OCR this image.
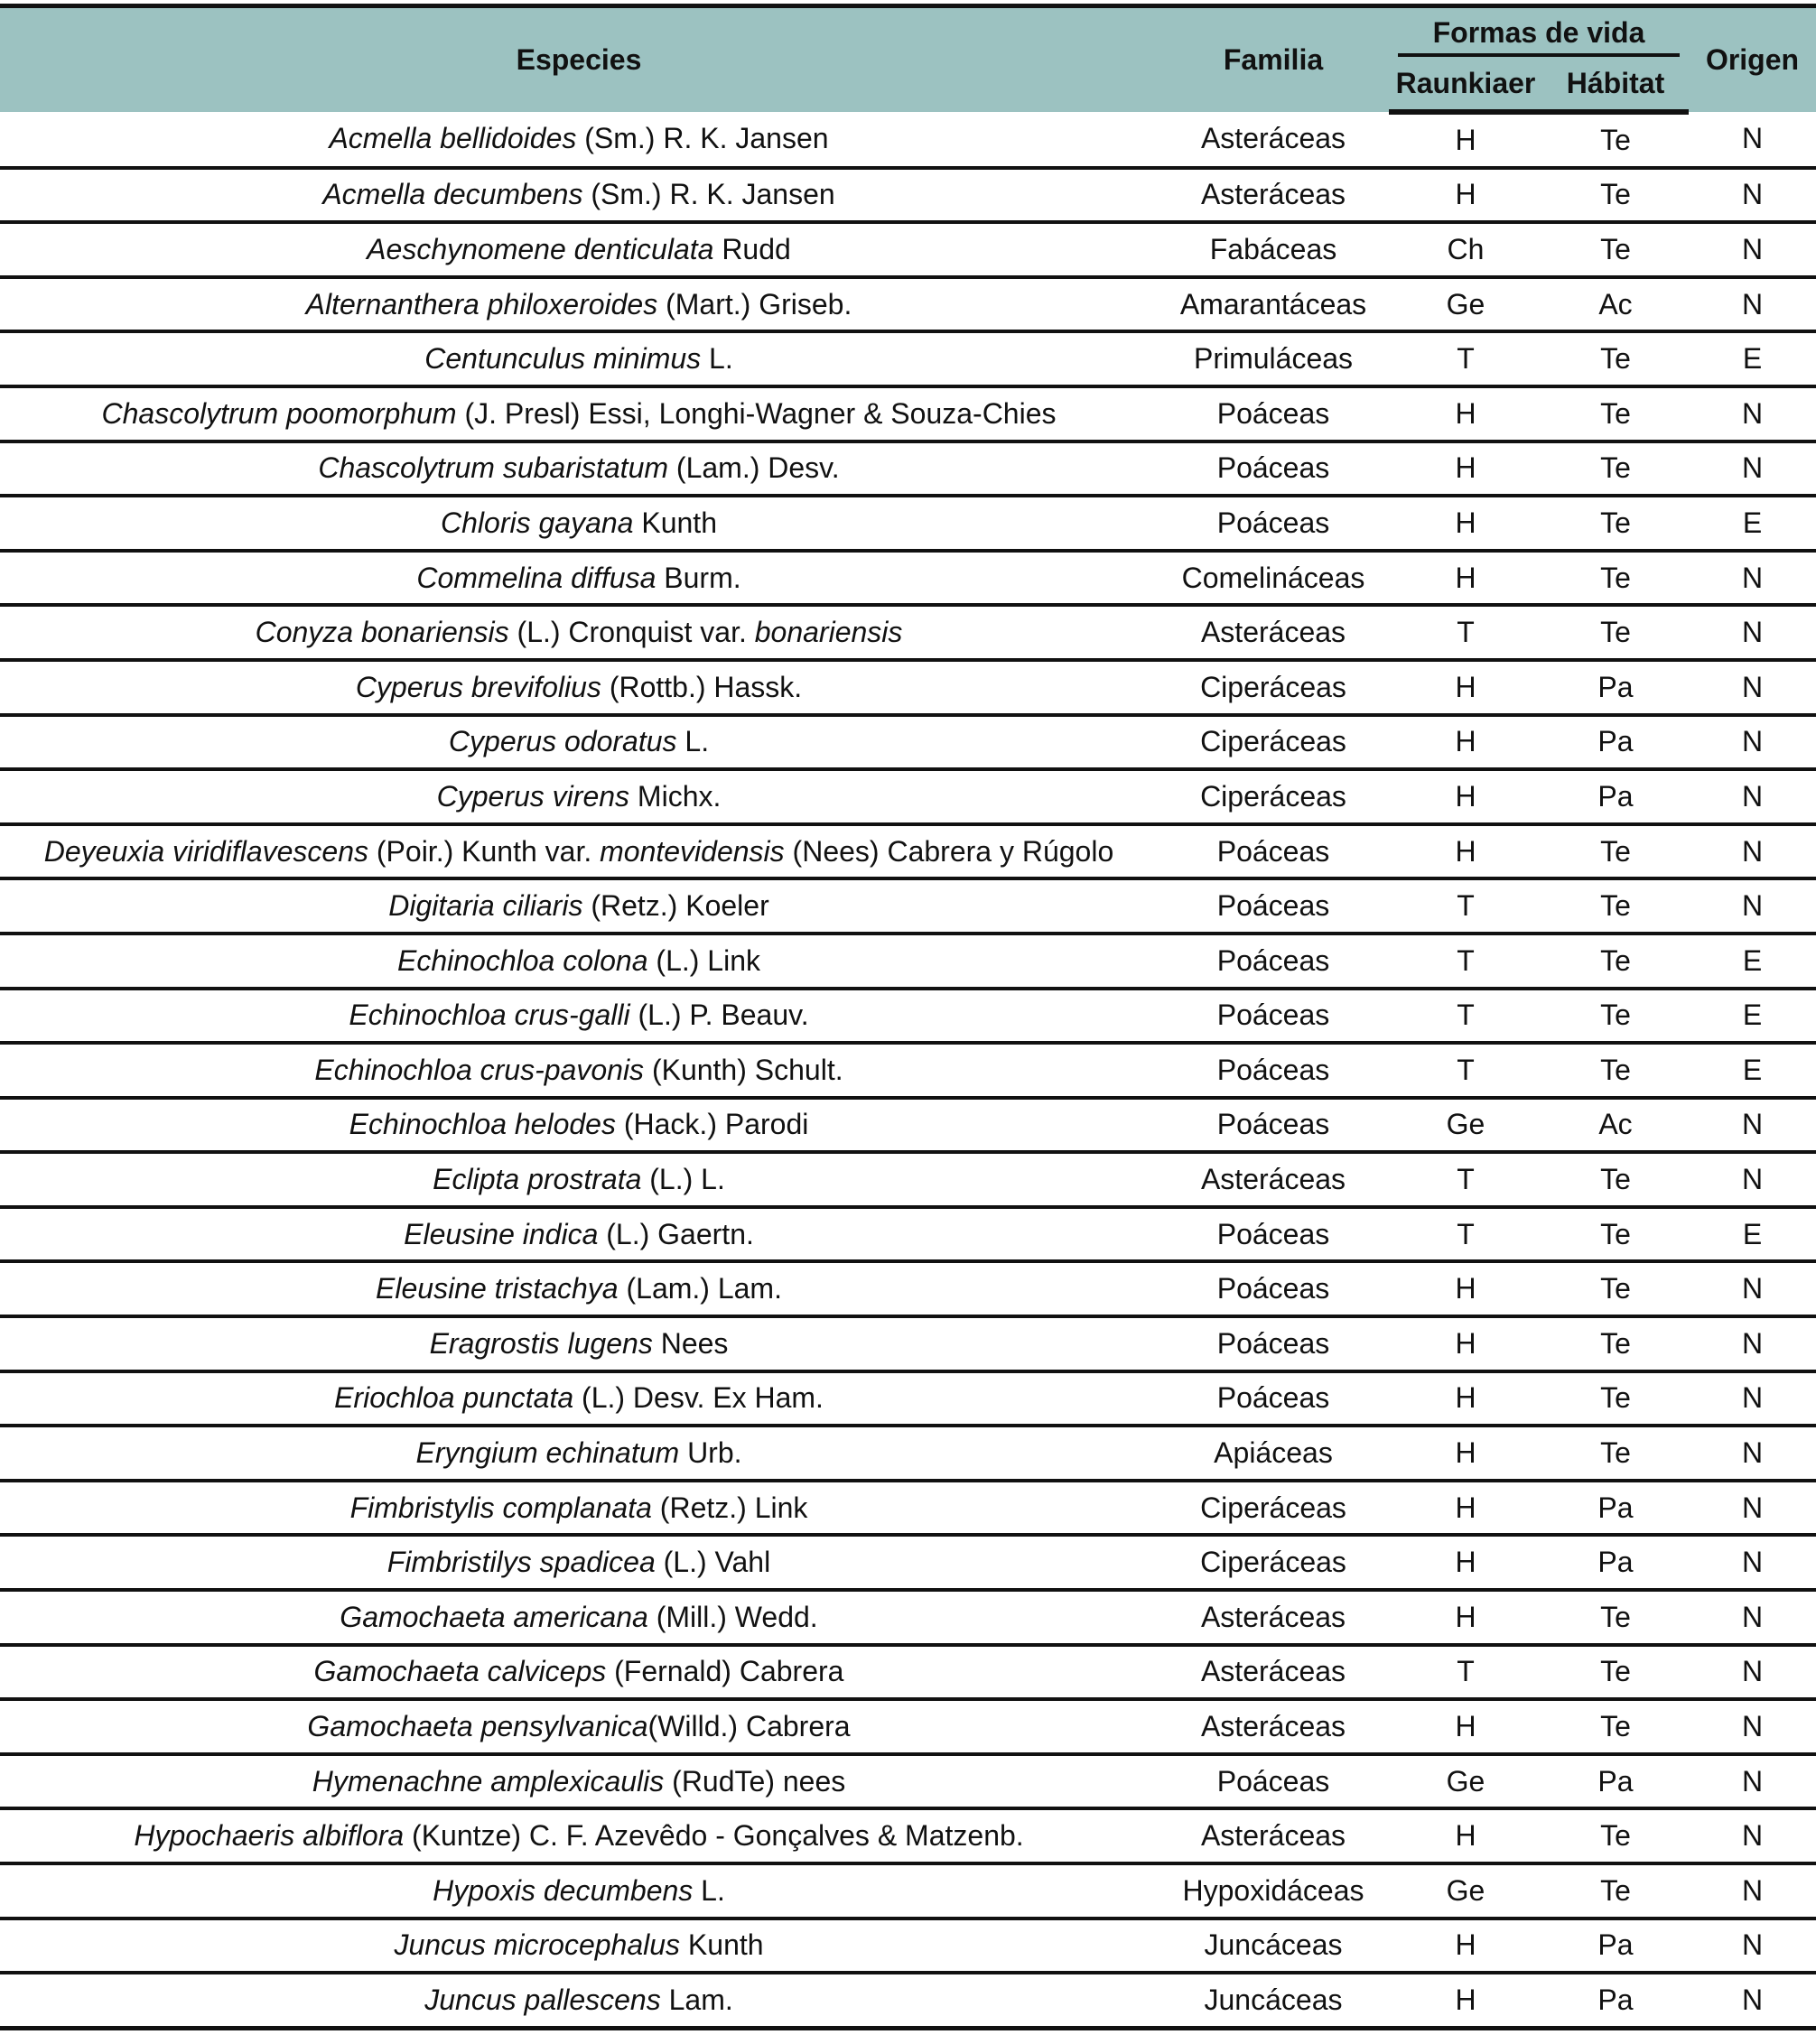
Especies	Familia	Formas de vida		Origen
		Raunkiaer	Hábitat	
Acmella bellidoides (Sm.) R. K. Jansen	Asteráceas	H	Te	N
Acmella decumbens (Sm.) R. K. Jansen	Asteráceas	H	Te	N
Aeschynomene denticulata Rudd	Fabáceas	Ch	Te	N
Alternanthera philoxeroides (Mart.) Griseb.	Amarantáceas	Ge	Ac	N
Centunculus minimus L.	Primuláceas	T	Te	E
Chascolytrum poomorphum (J. Presl) Essi, Longhi-Wagner & Souza-Chies	Poáceas	H	Te	N
Chascolytrum subaristatum (Lam.) Desv.	Poáceas	H	Te	N
Chloris gayana Kunth	Poáceas	H	Te	E
Commelina diffusa Burm.	Comelináceas	H	Te	N
Conyza bonariensis (L.) Cronquist var. bonariensis	Asteráceas	T	Te	N
Cyperus brevifolius (Rottb.) Hassk.	Ciperáceas	H	Pa	N
Cyperus odoratus L.	Ciperáceas	H	Pa	N
Cyperus virens Michx.	Ciperáceas	H	Pa	N
Deyeuxia viridiflavescens (Poir.) Kunth var. montevidensis (Nees) Cabrera y Rúgolo	Poáceas	H	Te	N
Digitaria ciliaris (Retz.) Koeler	Poáceas	T	Te	N
Echinochloa colona (L.) Link	Poáceas	T	Te	E
Echinochloa crus-galli (L.) P. Beauv.	Poáceas	T	Te	E
Echinochloa crus-pavonis (Kunth) Schult.	Poáceas	T	Te	E
Echinochloa helodes (Hack.) Parodi	Poáceas	Ge	Ac	N
Eclipta prostrata (L.) L.	Asteráceas	T	Te	N
Eleusine indica (L.) Gaertn.	Poáceas	T	Te	E
Eleusine tristachya (Lam.) Lam.	Poáceas	H	Te	N
Eragrostis lugens Nees	Poáceas	H	Te	N
Eriochloa punctata (L.) Desv. Ex Ham.	Poáceas	H	Te	N
Eryngium echinatum Urb.	Apiáceas	H	Te	N
Fimbristylis complanata (Retz.) Link	Ciperáceas	H	Pa	N
Fimbristilys spadicea (L.) Vahl	Ciperáceas	H	Pa	N
Gamochaeta americana (Mill.) Wedd.	Asteráceas	H	Te	N
Gamochaeta calviceps (Fernald) Cabrera	Asteráceas	T	Te	N
Gamochaeta pensylvanica(Willd.) Cabrera	Asteráceas	H	Te	N
Hymenachne amplexicaulis (RudTe) nees	Poáceas	Ge	Pa	N
Hypochaeris albiflora (Kuntze) C. F. Azevêdo - Gonçalves & Matzenb.	Asteráceas	H	Te	N
Hypoxis decumbens L.	Hypoxidáceas	Ge	Te	N
Juncus microcephalus Kunth	Juncáceas	H	Pa	N
Juncus pallescens Lam.	Juncáceas	H	Pa	N
